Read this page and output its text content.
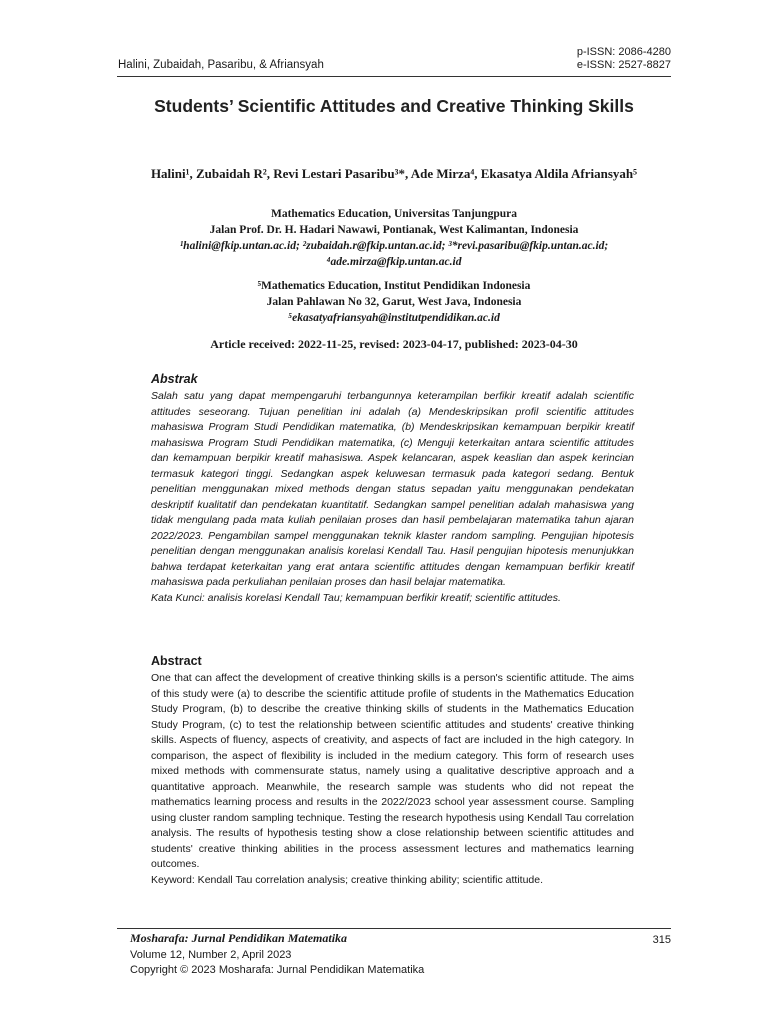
Halini, Zubaidah, Pasaribu, & Afriansyah
p-ISSN: 2086-4280
e-ISSN: 2527-8827
Students’ Scientific Attitudes and Creative Thinking Skills
Halini¹, Zubaidah R², Revi Lestari Pasaribu³*, Ade Mirza⁴, Ekasatya Aldila Afriansyah⁵
Mathematics Education, Universitas Tanjungpura
Jalan Prof. Dr. H. Hadari Nawawi, Pontianak, West Kalimantan, Indonesia
¹halini@fkip.untan.ac.id; ²zubaidah.r@fkip.untan.ac.id; ³*revi.pasaribu@fkip.untan.ac.id; ⁴ade.mirza@fkip.untan.ac.id
⁵Mathematics Education, Institut Pendidikan Indonesia
Jalan Pahlawan No 32, Garut, West Java, Indonesia
⁵ekasatyafriansyah@institutpendidikan.ac.id
Article received: 2022-11-25, revised: 2023-04-17, published: 2023-04-30
Abstrak
Salah satu yang dapat mempengaruhi terbangunnya keterampilan berfikir kreatif adalah scientific attitudes seseorang. Tujuan penelitian ini adalah (a) Mendeskripsikan profil scientific attitudes mahasiswa Program Studi Pendidikan matematika, (b) Mendeskripsikan kemampuan berpikir kreatif mahasiswa Program Studi Pendidikan matematika, (c) Menguji keterkaitan antara scientific attitudes dan kemampuan berpikir kreatif mahasiswa. Aspek kelancaran, aspek keaslian dan aspek kerincian termasuk kategori tinggi. Sedangkan aspek keluwesan termasuk pada kategori sedang. Bentuk penelitian menggunakan mixed methods dengan status sepadan yaitu menggunakan pendekatan deskriptif kualitatif dan pendekatan kuantitatif. Sedangkan sampel penelitian adalah mahasiswa yang tidak mengulang pada mata kuliah penilaian proses dan hasil pembelajaran matematika tahun ajaran 2022/2023. Pengambilan sampel menggunakan teknik klaster random sampling. Pengujian hipotesis penelitian dengan menggunakan analisis korelasi Kendall Tau. Hasil pengujian hipotesis menunjukkan bahwa terdapat keterkaitan yang erat antara scientific attitudes dengan kemampuan berfikir kreatif mahasiswa pada perkuliahan penilaian proses dan hasil belajar matematika.
Kata Kunci: analisis korelasi Kendall Tau; kemampuan berfikir kreatif; scientific attitudes.
Abstract
One that can affect the development of creative thinking skills is a person's scientific attitude. The aims of this study were (a) to describe the scientific attitude profile of students in the Mathematics Education Study Program, (b) to describe the creative thinking skills of students in the Mathematics Education Study Program, (c) to test the relationship between scientific attitudes and students' creative thinking skills. Aspects of fluency, aspects of creativity, and aspects of fact are included in the high category. In comparison, the aspect of flexibility is included in the medium category. This form of research uses mixed methods with commensurate status, namely using a qualitative descriptive approach and a quantitative approach. Meanwhile, the research sample was students who did not repeat the mathematics learning process and results in the 2022/2023 school year assessment course. Sampling using cluster random sampling technique. Testing the research hypothesis using Kendall Tau correlation analysis. The results of hypothesis testing show a close relationship between scientific attitudes and students' creative thinking abilities in the process assessment lectures and mathematics learning outcomes.
Keyword: Kendall Tau correlation analysis; creative thinking ability; scientific attitude.
Mosharafa: Jurnal Pendidikan Matematika	315
Volume 12, Number 2, April 2023
Copyright © 2023 Mosharafa: Jurnal Pendidikan Matematika
